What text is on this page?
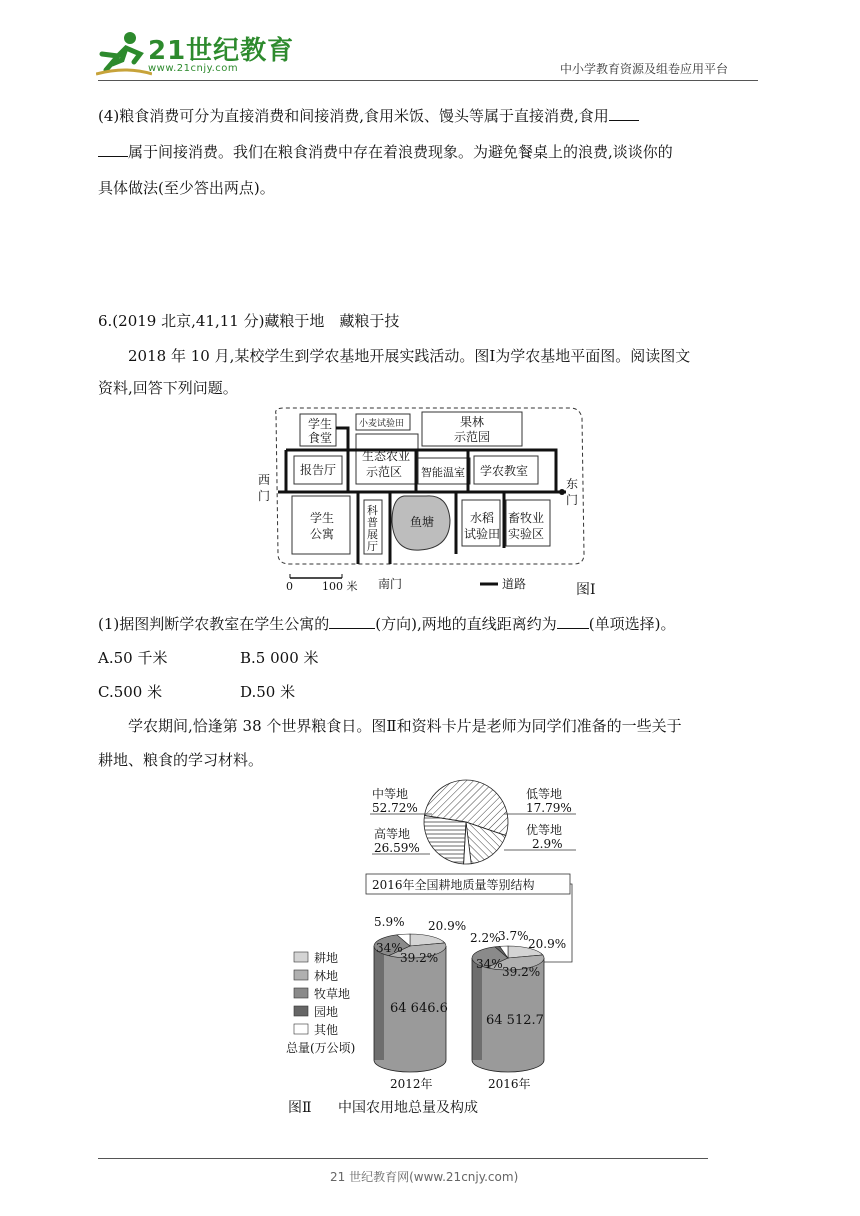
21世纪教育
www.21cnjy.com	中小学教育资源及组卷应用平台
(4)粮食消费可分为直接消费和间接消费,食用米饭、馒头等属于直接消费,食用
属于间接消费。我们在粮食消费中存在着浪费现象。为避免餐桌上的浪费,谈谈你的
具体做法(至少答出两点)。
6.(2019 北京,41,11 分)藏粮于地　藏粮于技
2018 年 10 月,某校学生到学农基地开展实践活动。图Ⅰ为学农基地平面图。阅读图文
资料,回答下列问题。
学生
食堂
小麦试验田	果林
示范园
报告厅
生态农业
示范区 智能温室 学农教室
西
门
东
门
学生
公寓
科
普
展
厅
鱼塘	水稻
试验田
畜牧业
实验区
0	100 米 南门	道路	图Ⅰ
(1)据图判断学农教室在学生公寓的	(方向),两地的直线距离约为 (单项选择)。
A.50 千米	B.5 000 米
C.500 米	D.50 米
学农期间,恰逢第 38 个世界粮食日。图Ⅱ和资料卡片是老师为同学们准备的一些关于
耕地、粮食的学习材料。
中等地
52.72%
低等地
17.79%
高等地
26.59%
优等地
2.9%
2016年全国耕地质量等别结构
5.9% 20.9%
34%
39.2%
64 646.6
2.2%
3.7%
20.9%
34%
39.2%
64 512.7
2012年	2016年
耕地
林地
牧草地
园地
其他
总量(万公顷)
图Ⅱ 中国农用地总量及构成
21 世纪教育网(www.21cnjy.com)
